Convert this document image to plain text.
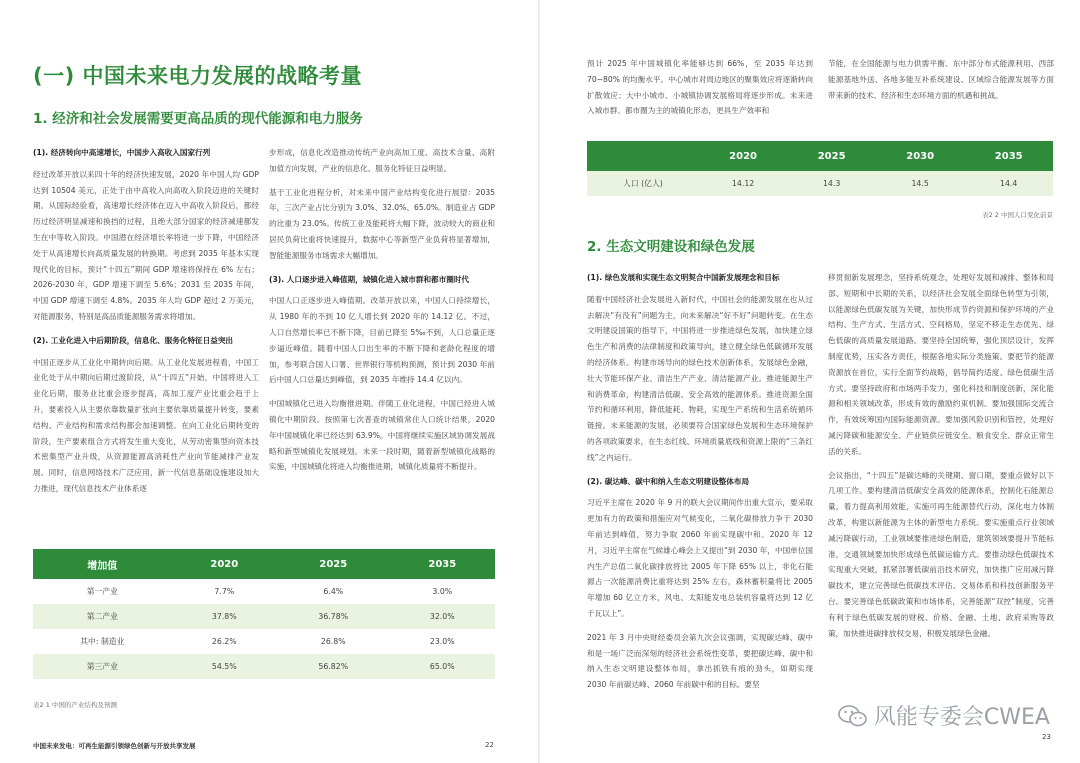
(一) 中国未来电力发展的战略考量
1. 经济和社会发展需要更高品质的现代能源和电力服务
(1). 经济转向中高速增长，中国步入高收入国家行列

经过改革开放以来四十年的经济快速发展，2020 年中国人均 GDP 达到 10504 美元，正处于由中高收入向高收入阶段迈进的关键时期。从国际经验看，高速增长经济体在迈入中高收入阶段后，都经历过经济明显减速和换挡的过程，且绝大部分国家的经济减速都发生在中等收入阶段。中国潜在经济增长率将进一步下降，中国经济处于从高速增长向高质量发展的转换期。考虑到 2035 年基本实现现代化的目标，预计“十四五”期间 GDP 增速将保持在 6% 左右；2026-2030 年，GDP 增速下调至 5.6%；2031 至 2035 年间，中国 GDP 增速下调至 4.8%。2035 年人均 GDP 超过 2 万美元，对能源服务，特别是高品质能源服务需求将增加。

(2). 工业化进入中后期阶段，信息化、服务化特征日益突出

中国正逐步从工业化中期转向后期。从工业化发展进程看，中国工业化处于从中期向后期过渡阶段，从“十四五”开始，中国将进入工业化后期，服务业比重会逐步提高，高加工度产业比重会趋于上升，要素投入从主要依靠数量扩张向主要依靠质量提升转变，要素结构、产业结构和需求结构都会加速调整。在向工业化后期转变的阶段，生产要素组合方式将发生重大变化，从劳动密集型向资本技术密集型产业升级，从资源能源高消耗性产业向节能减排产业发展。同时，信息网络技术广泛应用，新一代信息基础设施建设加大力推进，现代信息技术产业体系逐

步形成，信息化改造推动传统产业向高加工度、高技术含量、高附加值方向发展，产业的信息化、服务化特征日益明显。

基于工业化进程分析，对未来中国产业结构变化进行展望：2035 年，三次产业占比分别为 3.0%、32.0%、65.0%。制造业占 GDP 的比重为 23.0%。传统工业及能耗将大幅下降，波动较大的商业和居民负荷比重将快速提升，数据中心等新型产业负荷将显著增加，智能能源服务市场需求大幅增加。

(3). 人口逐步进入峰值期，城镇化进入城市群和都市圈时代

中国人口正逐步进入峰值期。改革开放以来，中国人口持续增长，从 1980 年的不到 10 亿人增长到 2020 年的 14.12 亿。不过，人口自然增长率已不断下降，目前已降至 5‰不到，人口总量正逐步逼近峰值。随着中国人口出生率的不断下降和老龄化程度的增加，参考联合国人口署、世界银行等机构预测，预计到 2030 年前后中国人口总量达到峰值，到 2035 年维持 14.4 亿以内。

中国城镇化已进入均衡推进期。伴随工业化进程，中国已经进入城镇化中期阶段。按照第七次普查的城镇常住人口统计结果，2020 年中国城镇化率已经达到 63.9%。中国将继续实施区域协调发展战略和新型城镇化发展规划。未来一段时期，随着新型城镇化战略的实施，中国城镇化将进入均衡推进期，城镇化质量将不断提升。

增加值	2020	2025	2035
第一产业	7.7%	6.4%	3.0%
第二产业	37.8%	36.78%	32.0%
其中: 制造业	26.2%	26.8%	23.0%
第三产业	54.5%	56.82%	65.0%
表2 1 中国的产业结构及预测
中国未来发电：可再生能源引领绿色创新与开放共享发展	22

预计 2025 年中国城镇化率能够达到 66%，至 2035 年达到 70~80% 的均衡水平。中心城市对周边地区的聚集效应将逐渐转向扩散效应；大中小城市、小城镇协调发展格局将逐步形成。未来进入城市群、都市圈为主的城镇化形态，更具生产效率和

节能，在全国能源与电力供需平衡、东中部分布式能源利用、西部能源基地外送、各地多能互补系统建设、区域综合能源发展等方面带来新的技术、经济和生态环境方面的机遇和挑战。

	2020	2025	2030	2035
人口 (亿人)	14.12	14.3	14.5	14.4
表2 2 中国人口变化前景
2. 生态文明建设和绿色发展
(1). 绿色发展和实现生态文明契合中国新发展理念和目标

随着中国经济社会发展进入新时代，中国社会的能源发展在也从过去解决“有没有”问题为主，向未来解决“好不好”问题转变。在生态文明建设国策的指导下，中国将进一步推进绿色发展，加快建立绿色生产和消费的法律制度和政策导向，建立健全绿色低碳循环发展的经济体系。构建市场导向的绿色技术创新体系，发展绿色金融，壮大节能环保产业、清洁生产产业、清洁能源产业。推进能源生产和消费革命，构建清洁低碳、安全高效的能源体系。推进资源全面节约和循环利用，降低能耗、物耗，实现生产系统和生活系统循环链接。未来能源的发展，必须要符合国家绿色发展和生态环境保护的各项政策要求，在生态红线、环境质量底线和资源上限的“三条红线”之内运行。

(2). 碳达峰、碳中和纳入生态文明建设整体布局

习近平主席在 2020 年 9 月的联大会议期间作出重大宣示，要采取更加有力的政策和措施应对气候变化，二氧化碳排放力争于 2030 年前达到峰值，努力争取 2060 年前实现碳中和。2020 年 12 月，习近平主席在气候雄心峰会上又提出“到 2030 年，中国单位国内生产总值二氧化碳排放将比 2005 年下降 65% 以上，非化石能源占一次能源消费比重将达到 25% 左右，森林蓄积量将比 2005 年增加 60 亿立方米，风电、太阳能发电总装机容量将达到 12 亿千瓦以上”。

2021 年 3 月中央财经委员会第九次会议强调，实现碳达峰、碳中和是一场广泛而深刻的经济社会系统性变革，要把碳达峰、碳中和纳入生态文明建设整体布局，拿出抓铁有痕的劲头，如期实现 2030 年前碳达峰、2060 年前碳中和的目标。要坚

移贯彻新发展理念，坚持系统观念，处理好发展和减排、整体和局部、短期和中长期的关系，以经济社会发展全面绿色转型为引领，以能源绿色低碳发展为关键，加快形成节约资源和保护环境的产业结构、生产方式、生活方式、空间格局，坚定不移走生态优先、绿色低碳的高质量发展道路。要坚持全国统筹，强化顶层设计，发挥制度优势，压实各方责任，根据各地实际分类施策。要把节约能源资源放在首位，实行全面节约战略，倡导简约适度、绿色低碳生活方式。要坚持政府和市场两手发力，强化科技和制度创新，深化能源和相关领域改革，形成有效的激励约束机制。要加强国际交流合作，有效统筹国内国际能源资源。要加强风险识别和管控，处理好减污降碳和能源安全、产业链供应链安全、粮食安全、群众正常生活的关系。

会议指出，“十四五”是碳达峰的关键期、窗口期，要重点做好以下几项工作。要构建清洁低碳安全高效的能源体系，控制化石能源总量，着力提高利用效能，实施可再生能源替代行动，深化电力体制改革，构建以新能源为主体的新型电力系统。要实施重点行业领域减污降碳行动，工业领域要推进绿色制造，建筑领域要提升节能标准，交通领域要加快形成绿色低碳运输方式。要推动绿色低碳技术实现重大突破，抓紧部署低碳前沿技术研究，加快推广应用减污降碳技术，建立完善绿色低碳技术评估、交易体系和科技创新服务平台。要完善绿色低碳政策和市场体系，完善能源“双控”制度，完善有利于绿色低碳发展的财税、价格、金融、土地、政府采购等政策，加快推进碳排放权交易，积极发展绿色金融。

23
风能专委会CWEA
